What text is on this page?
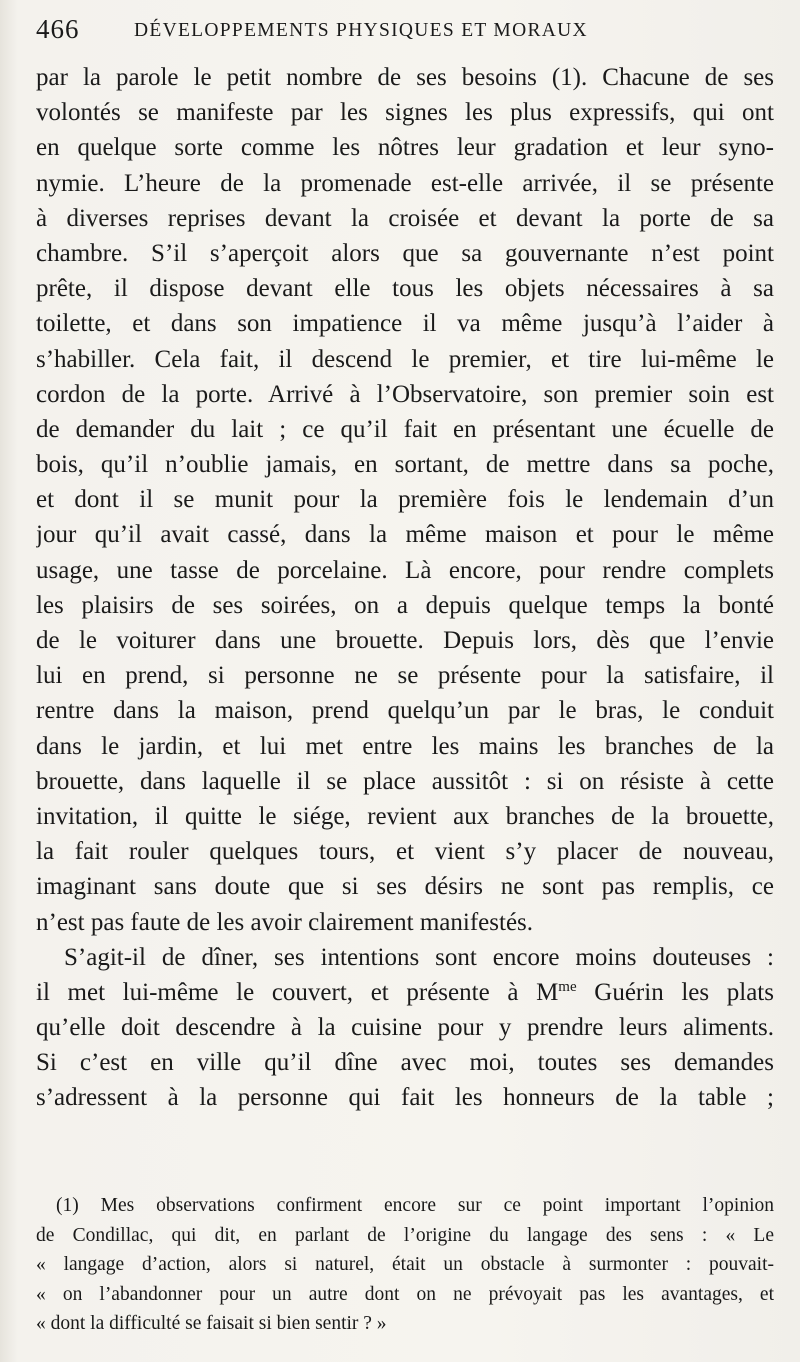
466	DÉVELOPPEMENTS PHYSIQUES ET MORAUX
par la parole le petit nombre de ses besoins (1). Chacune de ses
volontés se manifeste par les signes les plus expressifs, qui ont
en quelque sorte comme les nôtres leur gradation et leur syno-
nymie. L’heure de la promenade est-elle arrivée, il se présente
à diverses reprises devant la croisée et devant la porte de sa
chambre. S’il s’aperçoit alors que sa gouvernante n’est point
prête, il dispose devant elle tous les objets nécessaires à sa
toilette, et dans son impatience il va même jusqu’à l’aider à
s’habiller. Cela fait, il descend le premier, et tire lui-même le
cordon de la porte. Arrivé à l’Observatoire, son premier soin est
de demander du lait ; ce qu’il fait en présentant une écuelle de
bois, qu’il n’oublie jamais, en sortant, de mettre dans sa poche,
et dont il se munit pour la première fois le lendemain d’un
jour qu’il avait cassé, dans la même maison et pour le même
usage, une tasse de porcelaine. Là encore, pour rendre complets
les plaisirs de ses soirées, on a depuis quelque temps la bonté
de le voiturer dans une brouette. Depuis lors, dès que l’envie
lui en prend, si personne ne se présente pour la satisfaire, il
rentre dans la maison, prend quelqu’un par le bras, le conduit
dans le jardin, et lui met entre les mains les branches de la
brouette, dans laquelle il se place aussitôt : si on résiste à cette
invitation, il quitte le siége, revient aux branches de la brouette,
la fait rouler quelques tours, et vient s’y placer de nouveau,
imaginant sans doute que si ses désirs ne sont pas remplis, ce
n’est pas faute de les avoir clairement manifestés.
S’agit-il de dîner, ses intentions sont encore moins douteuses :
il met lui-même le couvert, et présente à $M^{me}$ Guérin les plats
qu’elle doit descendre à la cuisine pour y prendre leurs aliments.
Si c’est en ville qu’il dîne avec moi, toutes ses demandes
s’adressent à la personne qui fait les honneurs de la table ;
(1) Mes observations confirment encore sur ce point important l’opinion
de Condillac, qui dit, en parlant de l’origine du langage des sens : « Le
« langage d’action, alors si naturel, était un obstacle à surmonter : pouvait-
« on l’abandonner pour un autre dont on ne prévoyait pas les avantages, et
« dont la difficulté se faisait si bien sentir ? »
